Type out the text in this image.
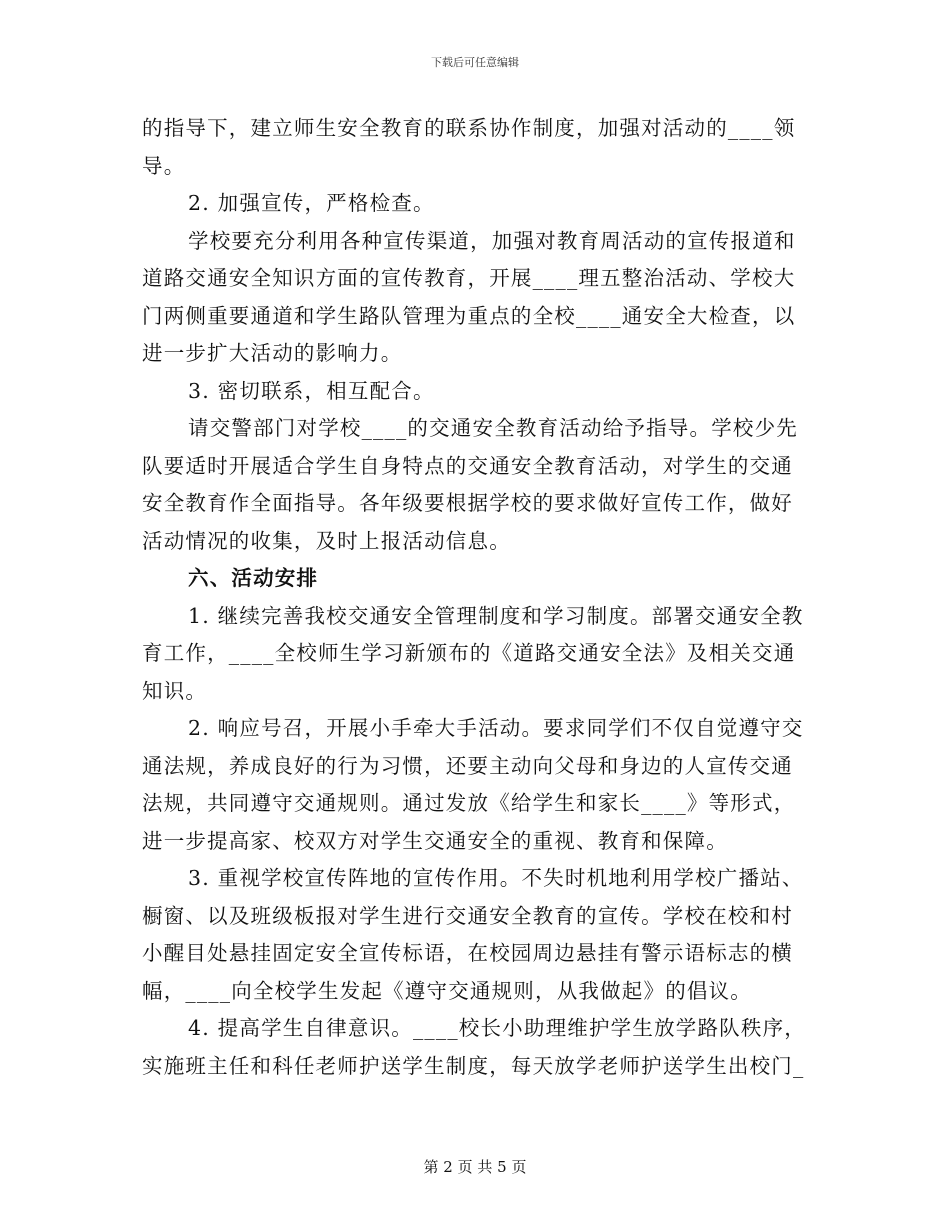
下载后可任意编辑
的指导下，建立师生安全教育的联系协作制度，加强对活动的____领
导。
2. 加强宣传，严格检查。
学校要充分利用各种宣传渠道，加强对教育周活动的宣传报道和
道路交通安全知识方面的宣传教育，开展____理五整治活动、学校大
门两侧重要通道和学生路队管理为重点的全校____通安全大检查，以
进一步扩大活动的影响力。
3. 密切联系，相互配合。
请交警部门对学校____的交通安全教育活动给予指导。学校少先
队要适时开展适合学生自身特点的交通安全教育活动，对学生的交通
安全教育作全面指导。各年级要根据学校的要求做好宣传工作，做好
活动情况的收集，及时上报活动信息。
六、活动安排
1. 继续完善我校交通安全管理制度和学习制度。部署交通安全教
育工作，____全校师生学习新颁布的《道路交通安全法》及相关交通
知识。
2. 响应号召，开展小手牵大手活动。要求同学们不仅自觉遵守交
通法规，养成良好的行为习惯，还要主动向父母和身边的人宣传交通
法规，共同遵守交通规则。通过发放《给学生和家长____》等形式，
进一步提高家、校双方对学生交通安全的重视、教育和保障。
3. 重视学校宣传阵地的宣传作用。不失时机地利用学校广播站、
橱窗、以及班级板报对学生进行交通安全教育的宣传。学校在校和村
小醒目处悬挂固定安全宣传标语，在校园周边悬挂有警示语标志的横
幅，____向全校学生发起《遵守交通规则，从我做起》的倡议。
4. 提高学生自律意识。____校长小助理维护学生放学路队秩序，
实施班主任和科任老师护送学生制度，每天放学老师护送学生出校门_
第 2 页 共 5 页
